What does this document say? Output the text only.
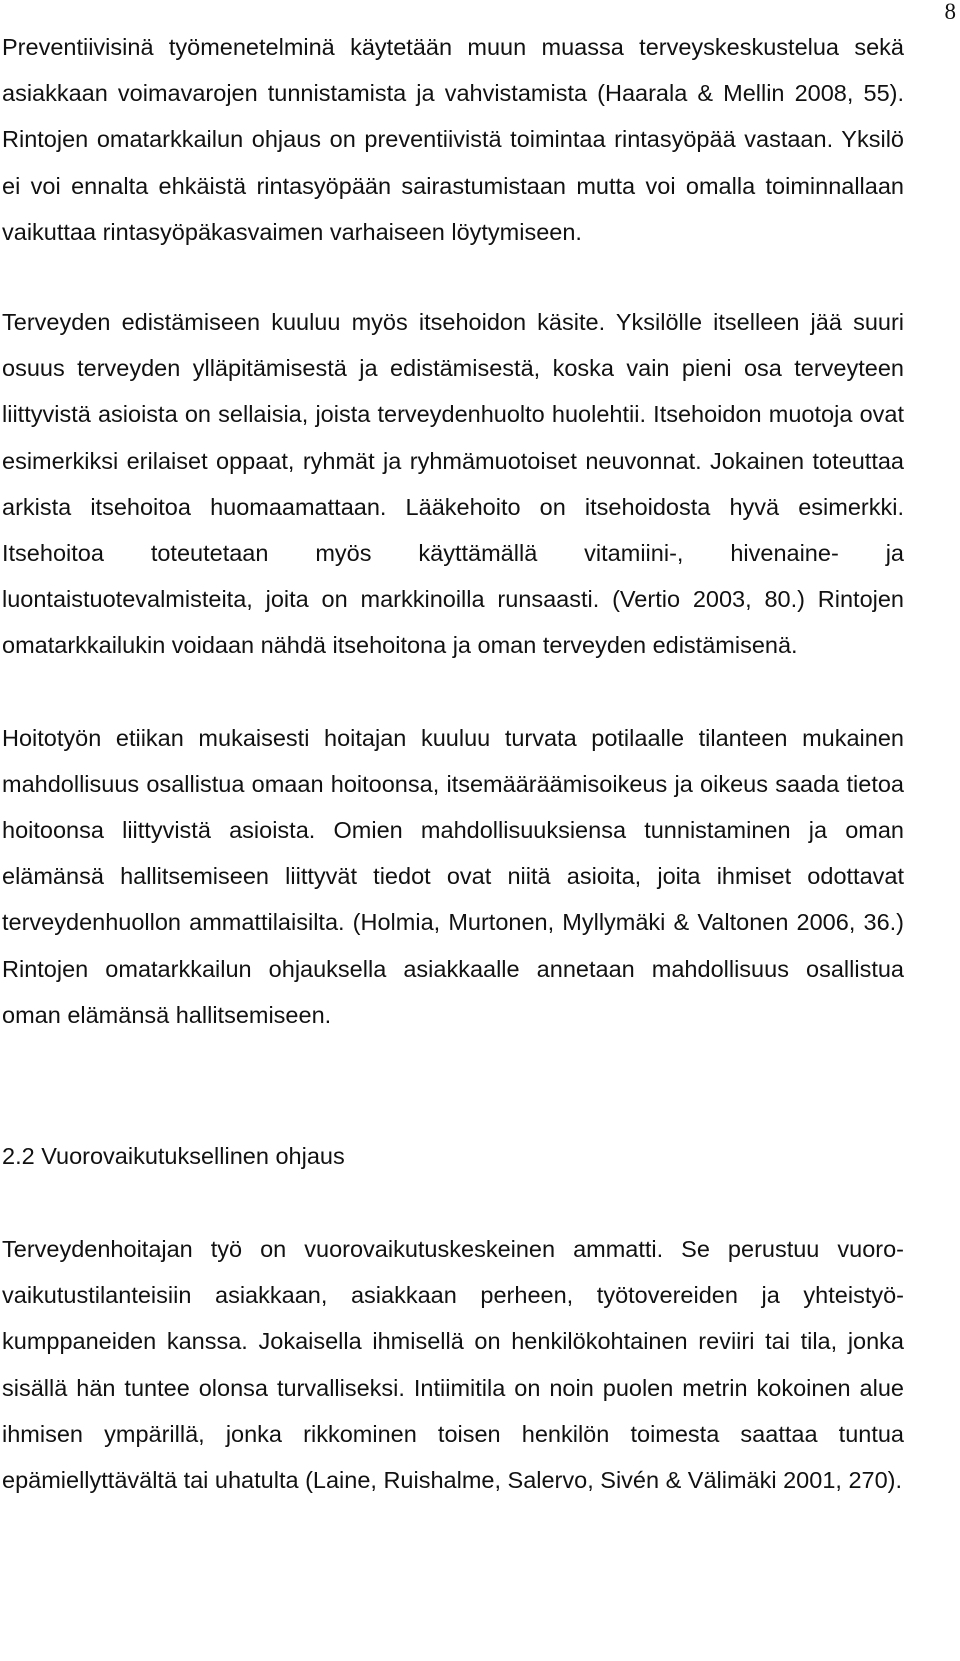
8

Preventiivisinä työmenetelminä käytetään muun muassa terveyskeskustelua sekä asiakkaan voimavarojen tunnistamista ja vahvistamista (Haarala & Mellin 2008, 55). Rintojen omatarkkailun ohjaus on preventiivistä toimintaa rintasyöpää vastaan. Yksilö ei voi ennalta ehkäistä rintasyöpään sairastumistaan mutta voi omalla toiminnallaan vaikuttaa rintasyöpäkasvaimen varhaiseen löytymiseen.

Terveyden edistämiseen kuuluu myös itsehoidon käsite. Yksilölle itselleen jää suuri osuus terveyden ylläpitämisestä ja edistämisestä, koska vain pieni osa terveyteen liittyvistä asioista on sellaisia, joista terveydenhuolto huolehtii. Itsehoidon muotoja ovat esimerkiksi erilaiset oppaat, ryhmät ja ryhmämuotoiset neuvonnat. Jokainen toteuttaa arkista itsehoitoa huomaamattaan. Lääkehoito on itsehoidosta hyvä esimerkki. Itsehoitoa toteutetaan myös käyttämällä vitamiini-, hivenaine- ja luontaistuotevalmisteita, joita on markkinoilla runsaasti. (Vertio 2003, 80.) Rintojen omatarkkailukin voidaan nähdä itsehoitona ja oman terveyden edistämisenä.

Hoitotyön etiikan mukaisesti hoitajan kuuluu turvata potilaalle tilanteen mukainen mahdollisuus osallistua omaan hoitoonsa, itsemääräämisoikeus ja oikeus saada tietoa hoitoonsa liittyvistä asioista. Omien mahdollisuuksiensa tunnistaminen ja oman elämänsä hallitsemiseen liittyvät tiedot ovat niitä asioita, joita ihmiset odottavat terveydenhuollon ammattilaisilta. (Holmia, Murtonen, Myllymäki & Valtonen 2006, 36.) Rintojen omatarkkailun ohjauksella asiakkaalle annetaan mahdollisuus osallistua oman elämänsä hallitsemiseen.

2.2 Vuorovaikutuksellinen ohjaus

Terveydenhoitajan työ on vuorovaikutuskeskeinen ammatti. Se perustuu vuorovaikutustilanteisiin asiakkaan, asiakkaan perheen, työtovereiden ja yhteistyökumppaneiden kanssa. Jokaisella ihmisellä on henkilökohtainen reviiri tai tila, jonka sisällä hän tuntee olonsa turvalliseksi. Intiimitila on noin puolen metrin kokoinen alue ihmisen ympärillä, jonka rikkominen toisen henkilön toimesta saattaa tuntua epämiellyttävältä tai uhatulta (Laine, Ruishalme, Salervo, Sivén & Välimäki 2001, 270).
